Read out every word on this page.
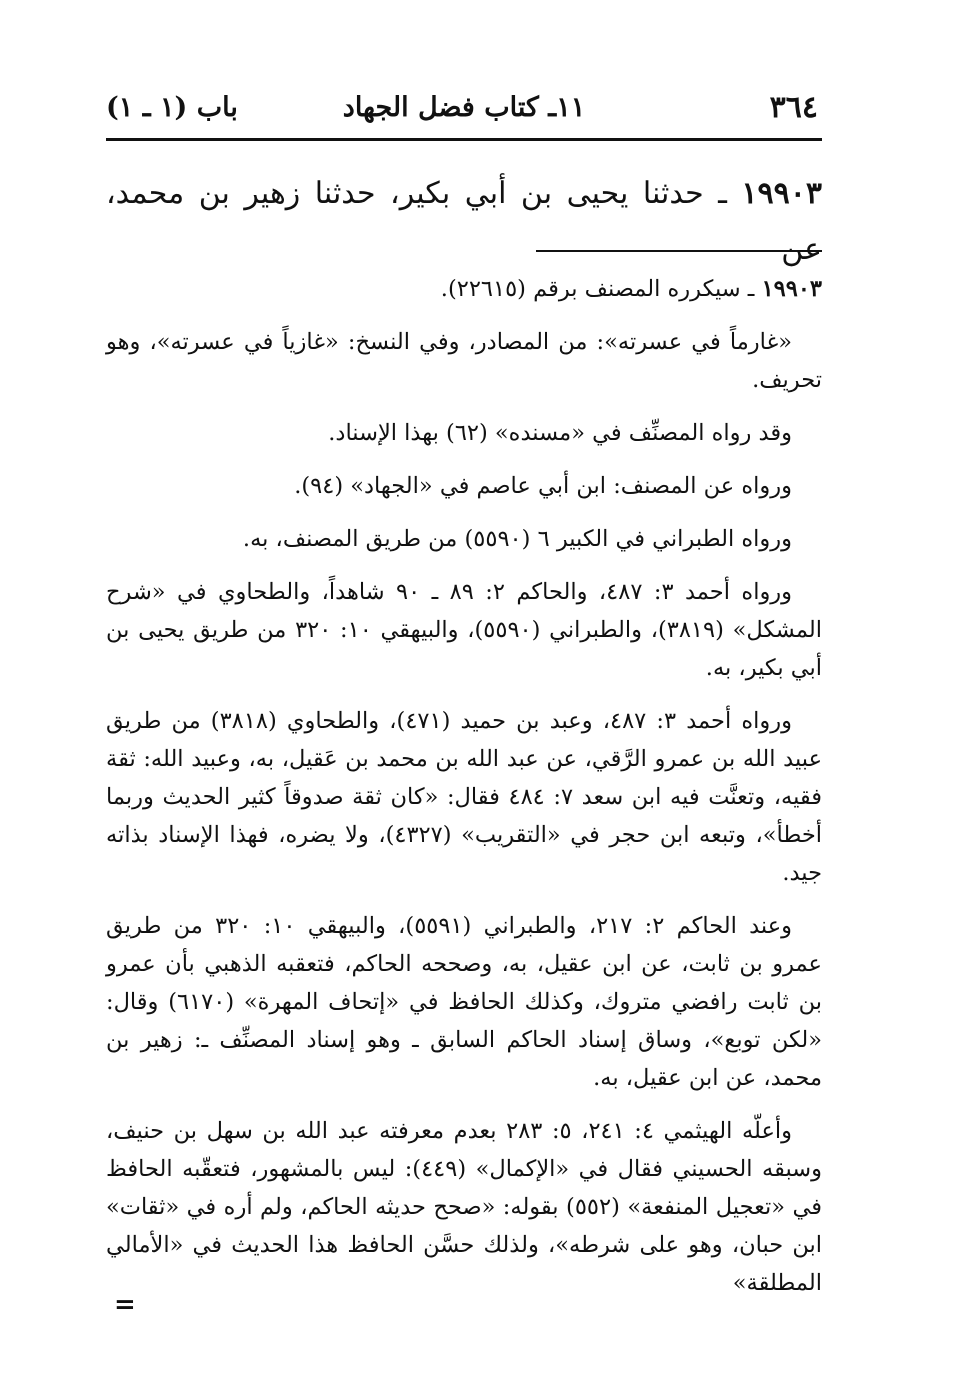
٣٦٤
١١ـ كتاب فضل الجهاد
باب (١ ـ ١)
١٩٩٠٣ ـ حدثنا يحيى بن أبي بكير، حدثنا زهير بن محمد، عن

١٩٩٠٣ ـ سيكرره المصنف برقم (٢٢٦١٥).

«غارماً في عسرته»: من المصادر، وفي النسخ: «غازياً في عسرته»، وهو تحريف.

وقد رواه المصنِّف في «مسنده» (٦٢) بهذا الإسناد.

ورواه عن المصنف: ابن أبي عاصم في «الجهاد» (٩٤).

ورواه الطبراني في الكبير ٦ (٥٥٩٠) من طريق المصنف، به.

ورواه أحمد ٣: ٤٨٧، والحاكم ٢: ٨٩ ـ ٩٠ شاهداً، والطحاوي في «شرح المشكل» (٣٨١٩)، والطبراني (٥٥٩٠)، والبيهقي ١٠: ٣٢٠ من طريق يحيى بن أبي بكير، به.

ورواه أحمد ٣: ٤٨٧، وعبد بن حميد (٤٧١)، والطحاوي (٣٨١٨) من طريق عبيد الله بن عمرو الرَّقي، عن عبد الله بن محمد بن عَقيل، به، وعبيد الله: ثقة فقيه، وتعنَّت فيه ابن سعد ٧: ٤٨٤ فقال: «كان ثقة صدوقاً كثير الحديث وربما أخطأ»، وتبعه ابن حجر في «التقريب» (٤٣٢٧)، ولا يضره، فهذا الإسناد بذاته جيد.

وعند الحاكم ٢: ٢١٧، والطبراني (٥٥٩١)، والبيهقي ١٠: ٣٢٠ من طريق عمرو بن ثابت، عن ابن عقيل، به، وصححه الحاكم، فتعقبه الذهبي بأن عمرو بن ثابت رافضي متروك، وكذلك الحافظ في «إتحاف المهرة» (٦١٧٠) وقال: «لكن توبع»، وساق إسناد الحاكم السابق ـ وهو إسناد المصنِّف ـ: زهير بن محمد، عن ابن عقيل، به.

وأعلّه الهيثمي ٤: ٢٤١، ٥: ٢٨٣ بعدم معرفته عبد الله بن سهل بن حنيف، وسبقه الحسيني فقال في «الإكمال» (٤٤٩): ليس بالمشهور، فتعقّبه الحافظ في «تعجيل المنفعة» (٥٥٢) بقوله: «صحح حديثه الحاكم، ولم أره في «ثقات» ابن حبان، وهو على شرطه»، ولذلك حسَّن الحافظ هذا الحديث في «الأمالي المطلقة»

=
